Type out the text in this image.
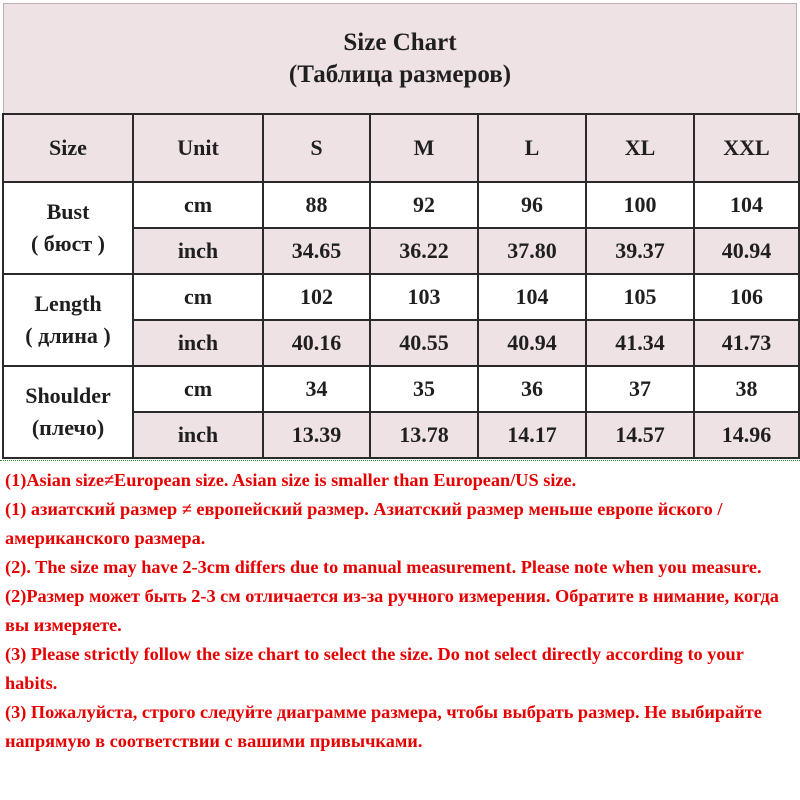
Size Chart
(Таблица размеров)
Size	Unit	S	M	L	XL	XXL

Bust
( бюст )	cm	88	92	96	100	104
	inch	34.65	36.22	37.80	39.37	40.94

Length
( длина )	cm	102	103	104	105	106
	inch	40.16	40.55	40.94	41.34	41.73

Shoulder
(плечо)	cm	34	35	36	37	38
	inch	13.39	13.78	14.17	14.57	14.96
(1)Asian size≠European size. Asian size is smaller than European/US size.
(1) азиатский размер ≠ европейский размер. Азиатский размер меньше европе йского / американского размера.
(2). The size may have 2-3cm differs due to manual measurement. Please note when you measure.
(2)Размер может быть 2-3 см отличается из-за ручного измерения. Обратите в нимание, когда вы измеряете.
(3) Please strictly follow the size chart to select the size. Do not select directly according to your habits.
(3) Пожалуйста, строго следуйте диаграмме размера, чтобы выбрать размер. Не выбирайте напрямую в соответствии с вашими привычками.
